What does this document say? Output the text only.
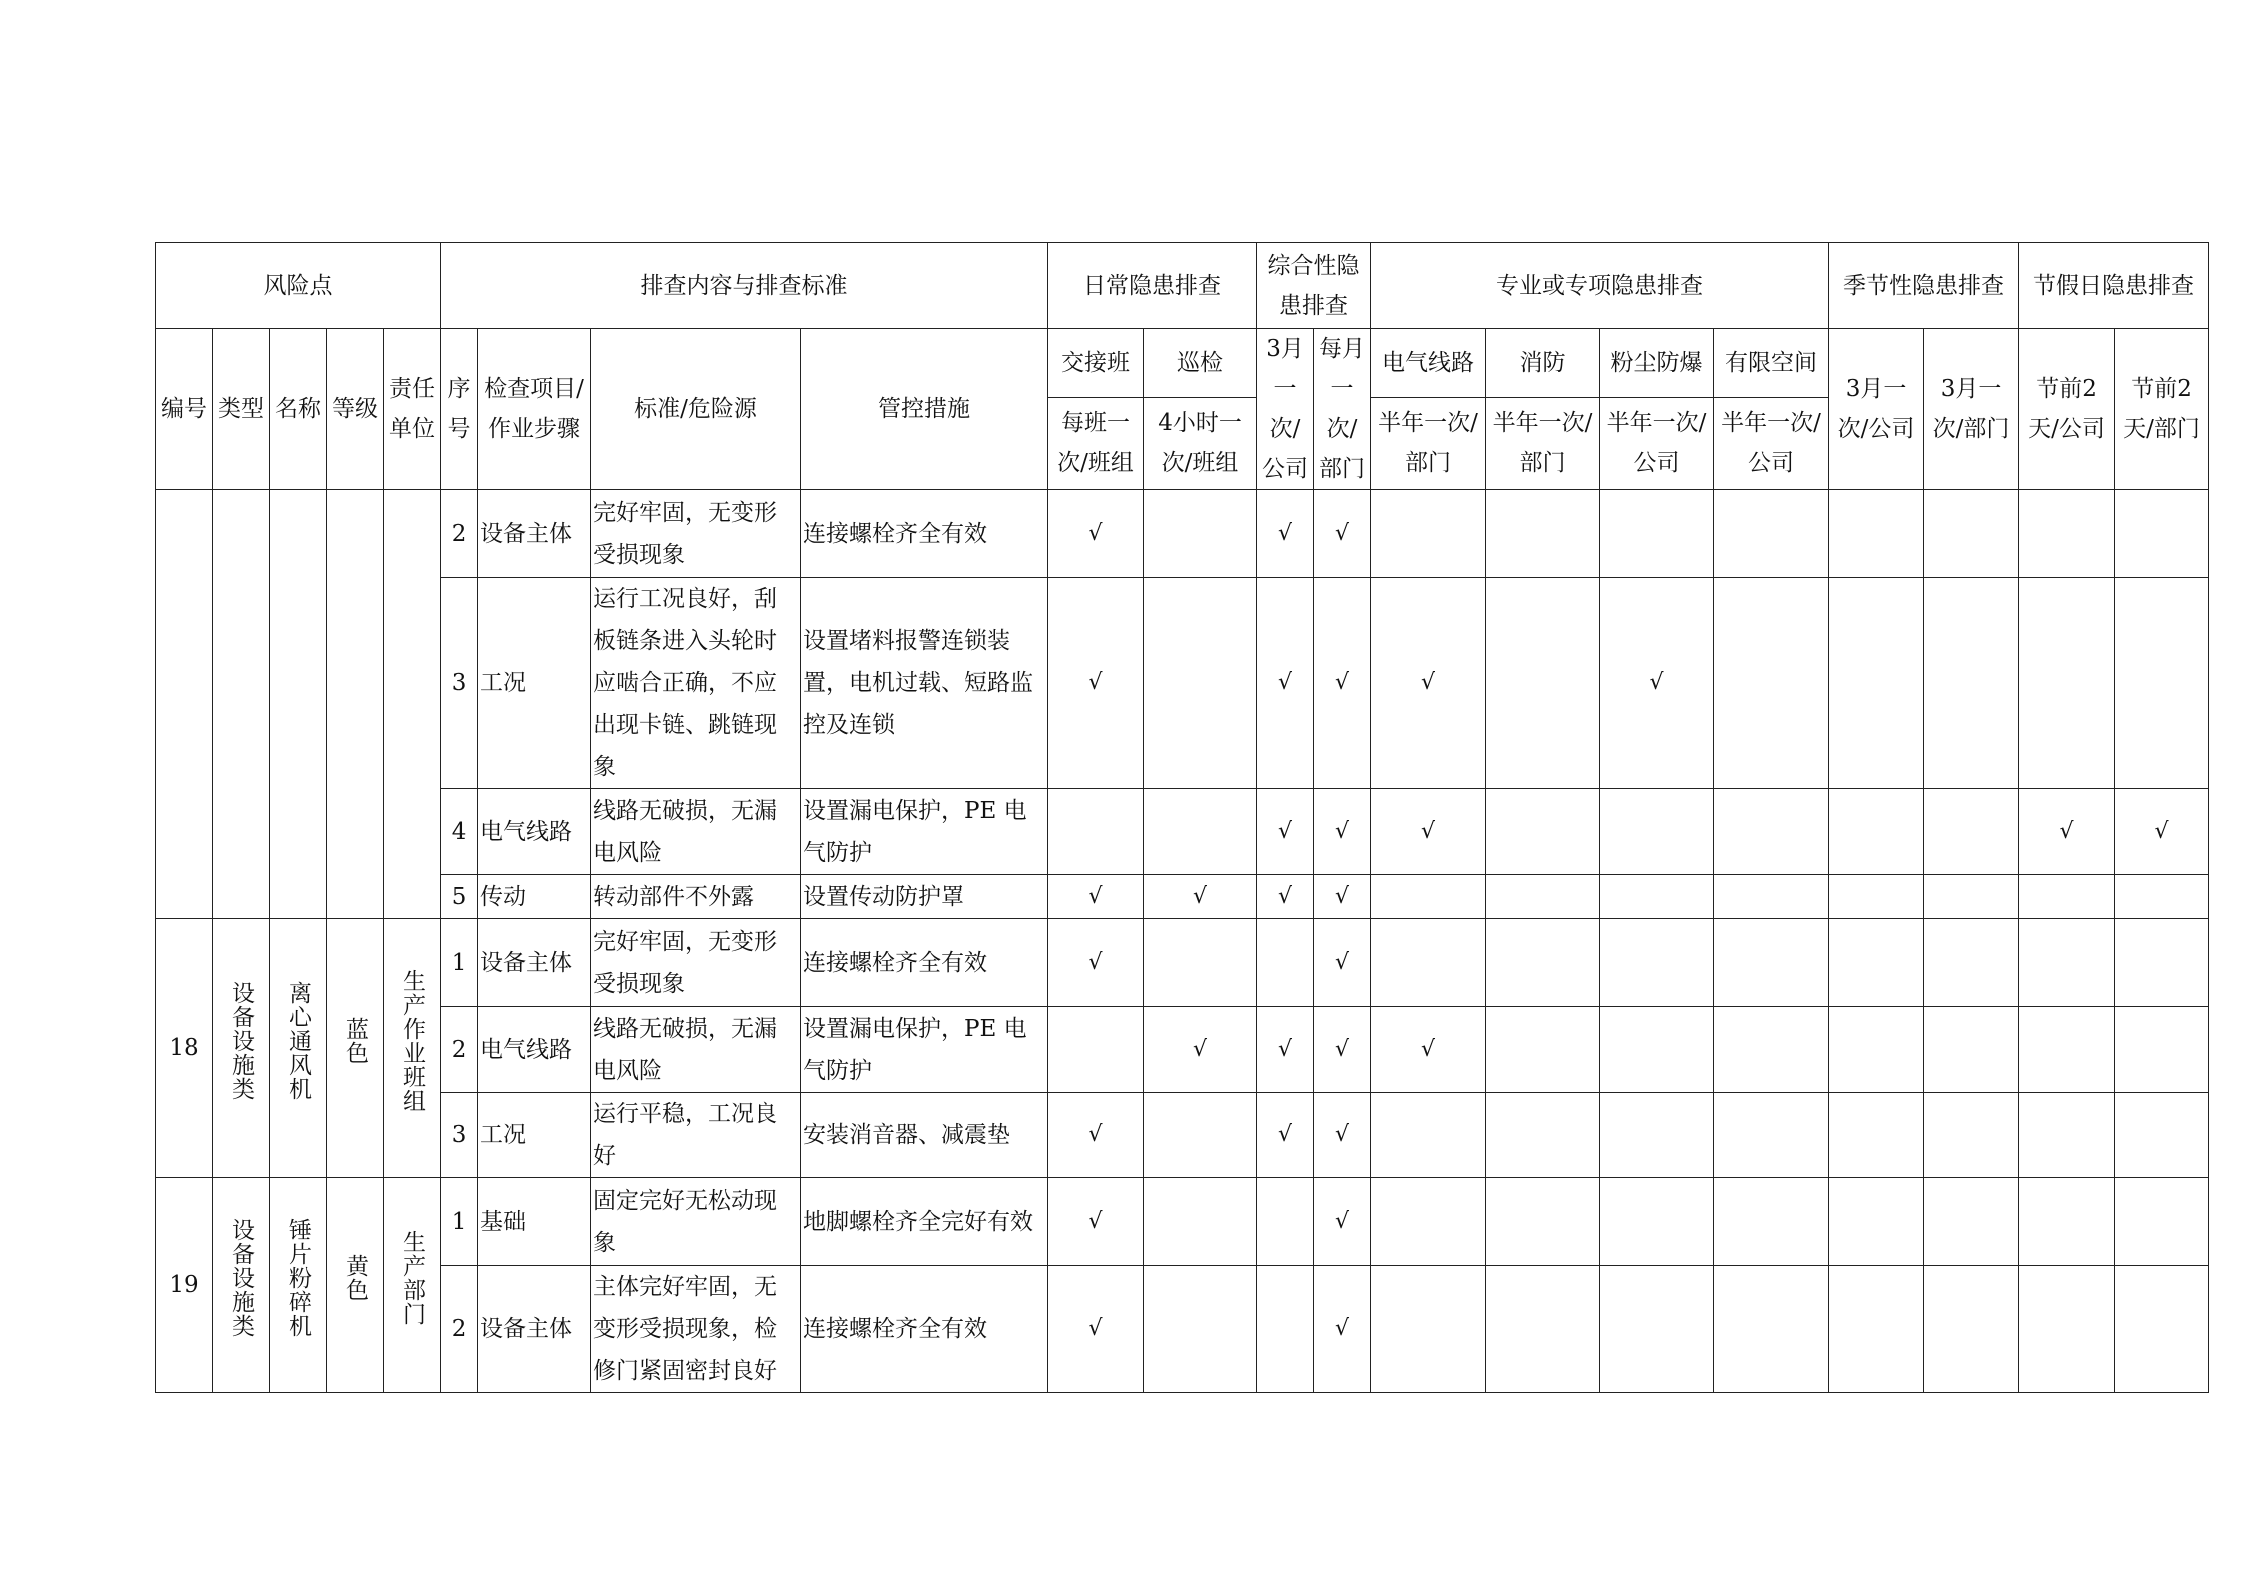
风险点					排查内容与排查标准				日常隐患排查		综合性隐患排查		专业或专项隐患排查				季节性隐患排查		节假日隐患排查	
编号	类型	名称	等级	责任单位	序号	检查项目/作业步骤	标准/危险源	管控措施	交接班	巡检	3月一次/公司	每月一次/部门	电气线路	消防	粉尘防爆	有限空间	3月一次/公司	3月一次/部门	节前2天/公司	节前2天/部门
									每班一次/班组	4小时一次/班组			半年一次/部门	半年一次/部门	半年一次/公司	半年一次/公司				
					2	设备主体	完好牢固，无变形受损现象	连接螺栓齐全有效	√		√	√								
					3	工况	运行工况良好，刮板链条进入头轮时应啮合正确，不应出现卡链、跳链现象	设置堵料报警连锁装置，电机过载、短路监控及连锁	√		√	√	√		√					
					4	电气线路	线路无破损，无漏电风险	设置漏电保护，PE 电气防护			√	√	√						√	√
					5	传动	转动部件不外露	设置传动防护罩	√	√	√	√								
18	设备设施类	离心通风机	蓝色	生产作业班组	1	设备主体	完好牢固，无变形受损现象	连接螺栓齐全有效	√			√								
					2	电气线路	线路无破损，无漏电风险	设置漏电保护，PE 电气防护		√	√	√	√							
					3	工况	运行平稳，工况良好	安装消音器、减震垫	√		√	√								
19	设备设施类	锤片粉碎机	黄色	生产部门	1	基础	固定完好无松动现象	地脚螺栓齐全完好有效	√			√								
					2	设备主体	主体完好牢固，无变形受损现象，检修门紧固密封良好	连接螺栓齐全有效	√			√								
